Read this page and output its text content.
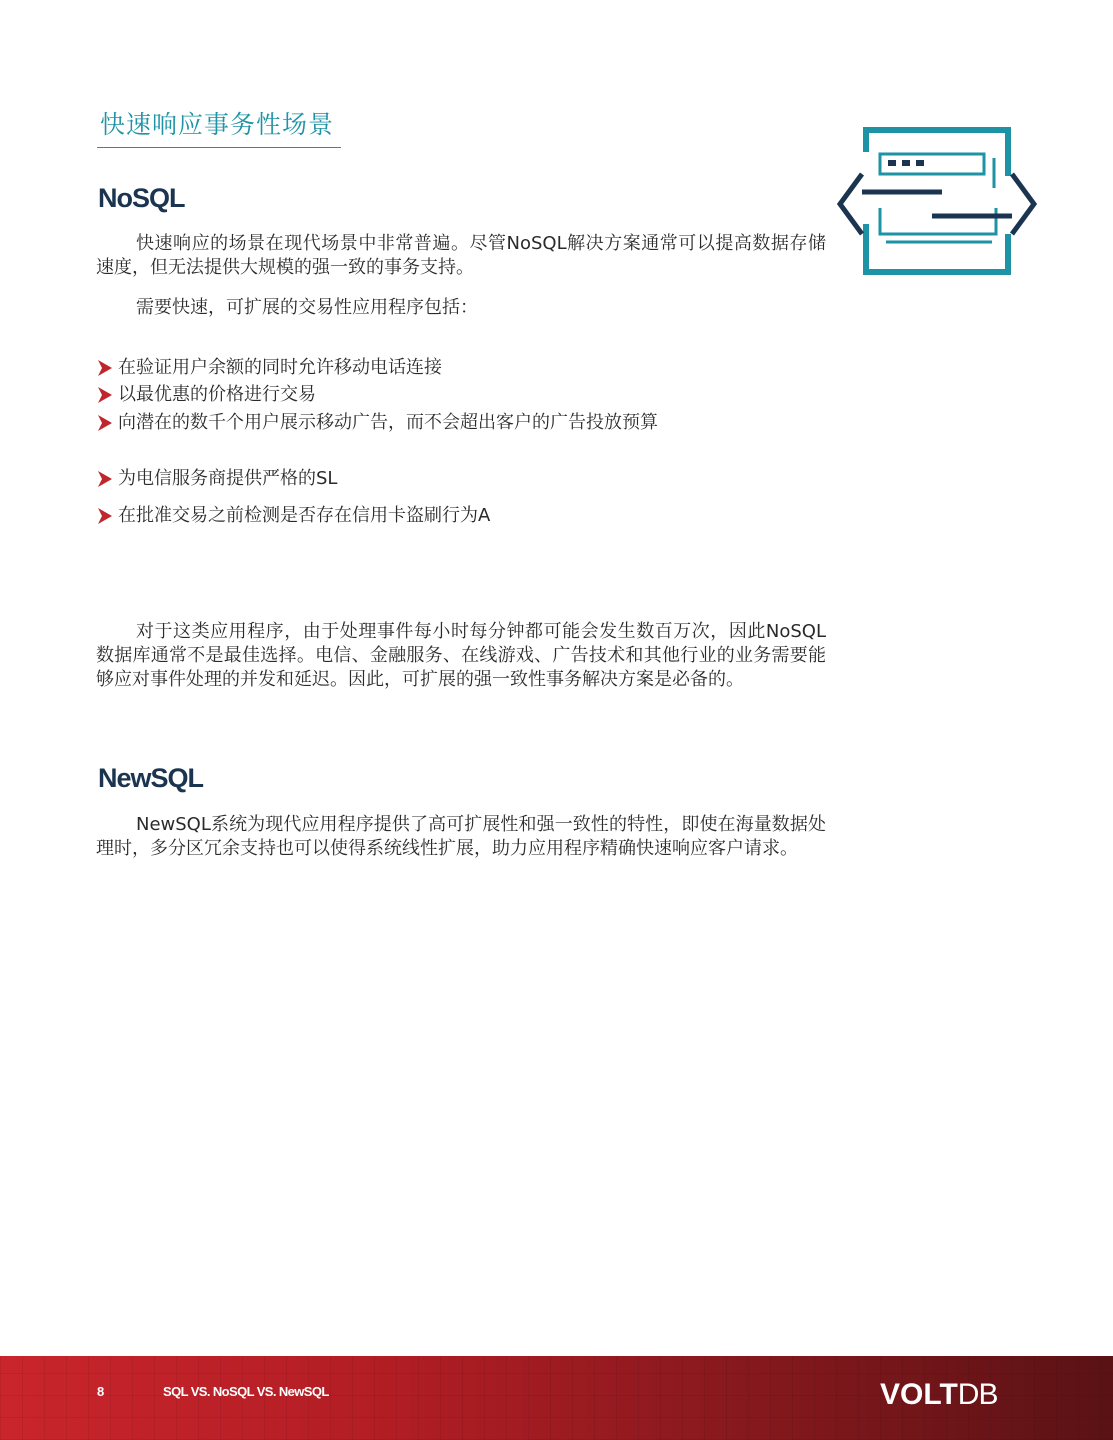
快速响应事务性场景
NoSQL

快速响应的场景在现代场景中非常普遍。尽管NoSQL解决方案通常可以提高数据存储速度，但无法提供大规模的强一致的事务支持。

需要快速，可扩展的交易性应用程序包括：

在验证用户余额的同时允许移动电话连接
以最优惠的价格进行交易
向潜在的数千个用户展示移动广告，而不会超出客户的广告投放预算
为电信服务商提供严格的SL
在批准交易之前检测是否存在信用卡盗刷行为A

对于这类应用程序，由于处理事件每小时每分钟都可能会发生数百万次，因此NoSQL数据库通常不是最佳选择。电信、金融服务、在线游戏、广告技术和其他行业的业务需要能够应对事件处理的并发和延迟。因此，可扩展的强一致性事务解决方案是必备的。

NewSQL

NewSQL系统为现代应用程序提供了高可扩展性和强一致性的特性，即使在海量数据处理时，多分区冗余支持也可以使得系统线性扩展，助力应用程序精确快速响应客户请求。

8	SQL VS. NoSQL VS. NewSQL	VOLTDB
